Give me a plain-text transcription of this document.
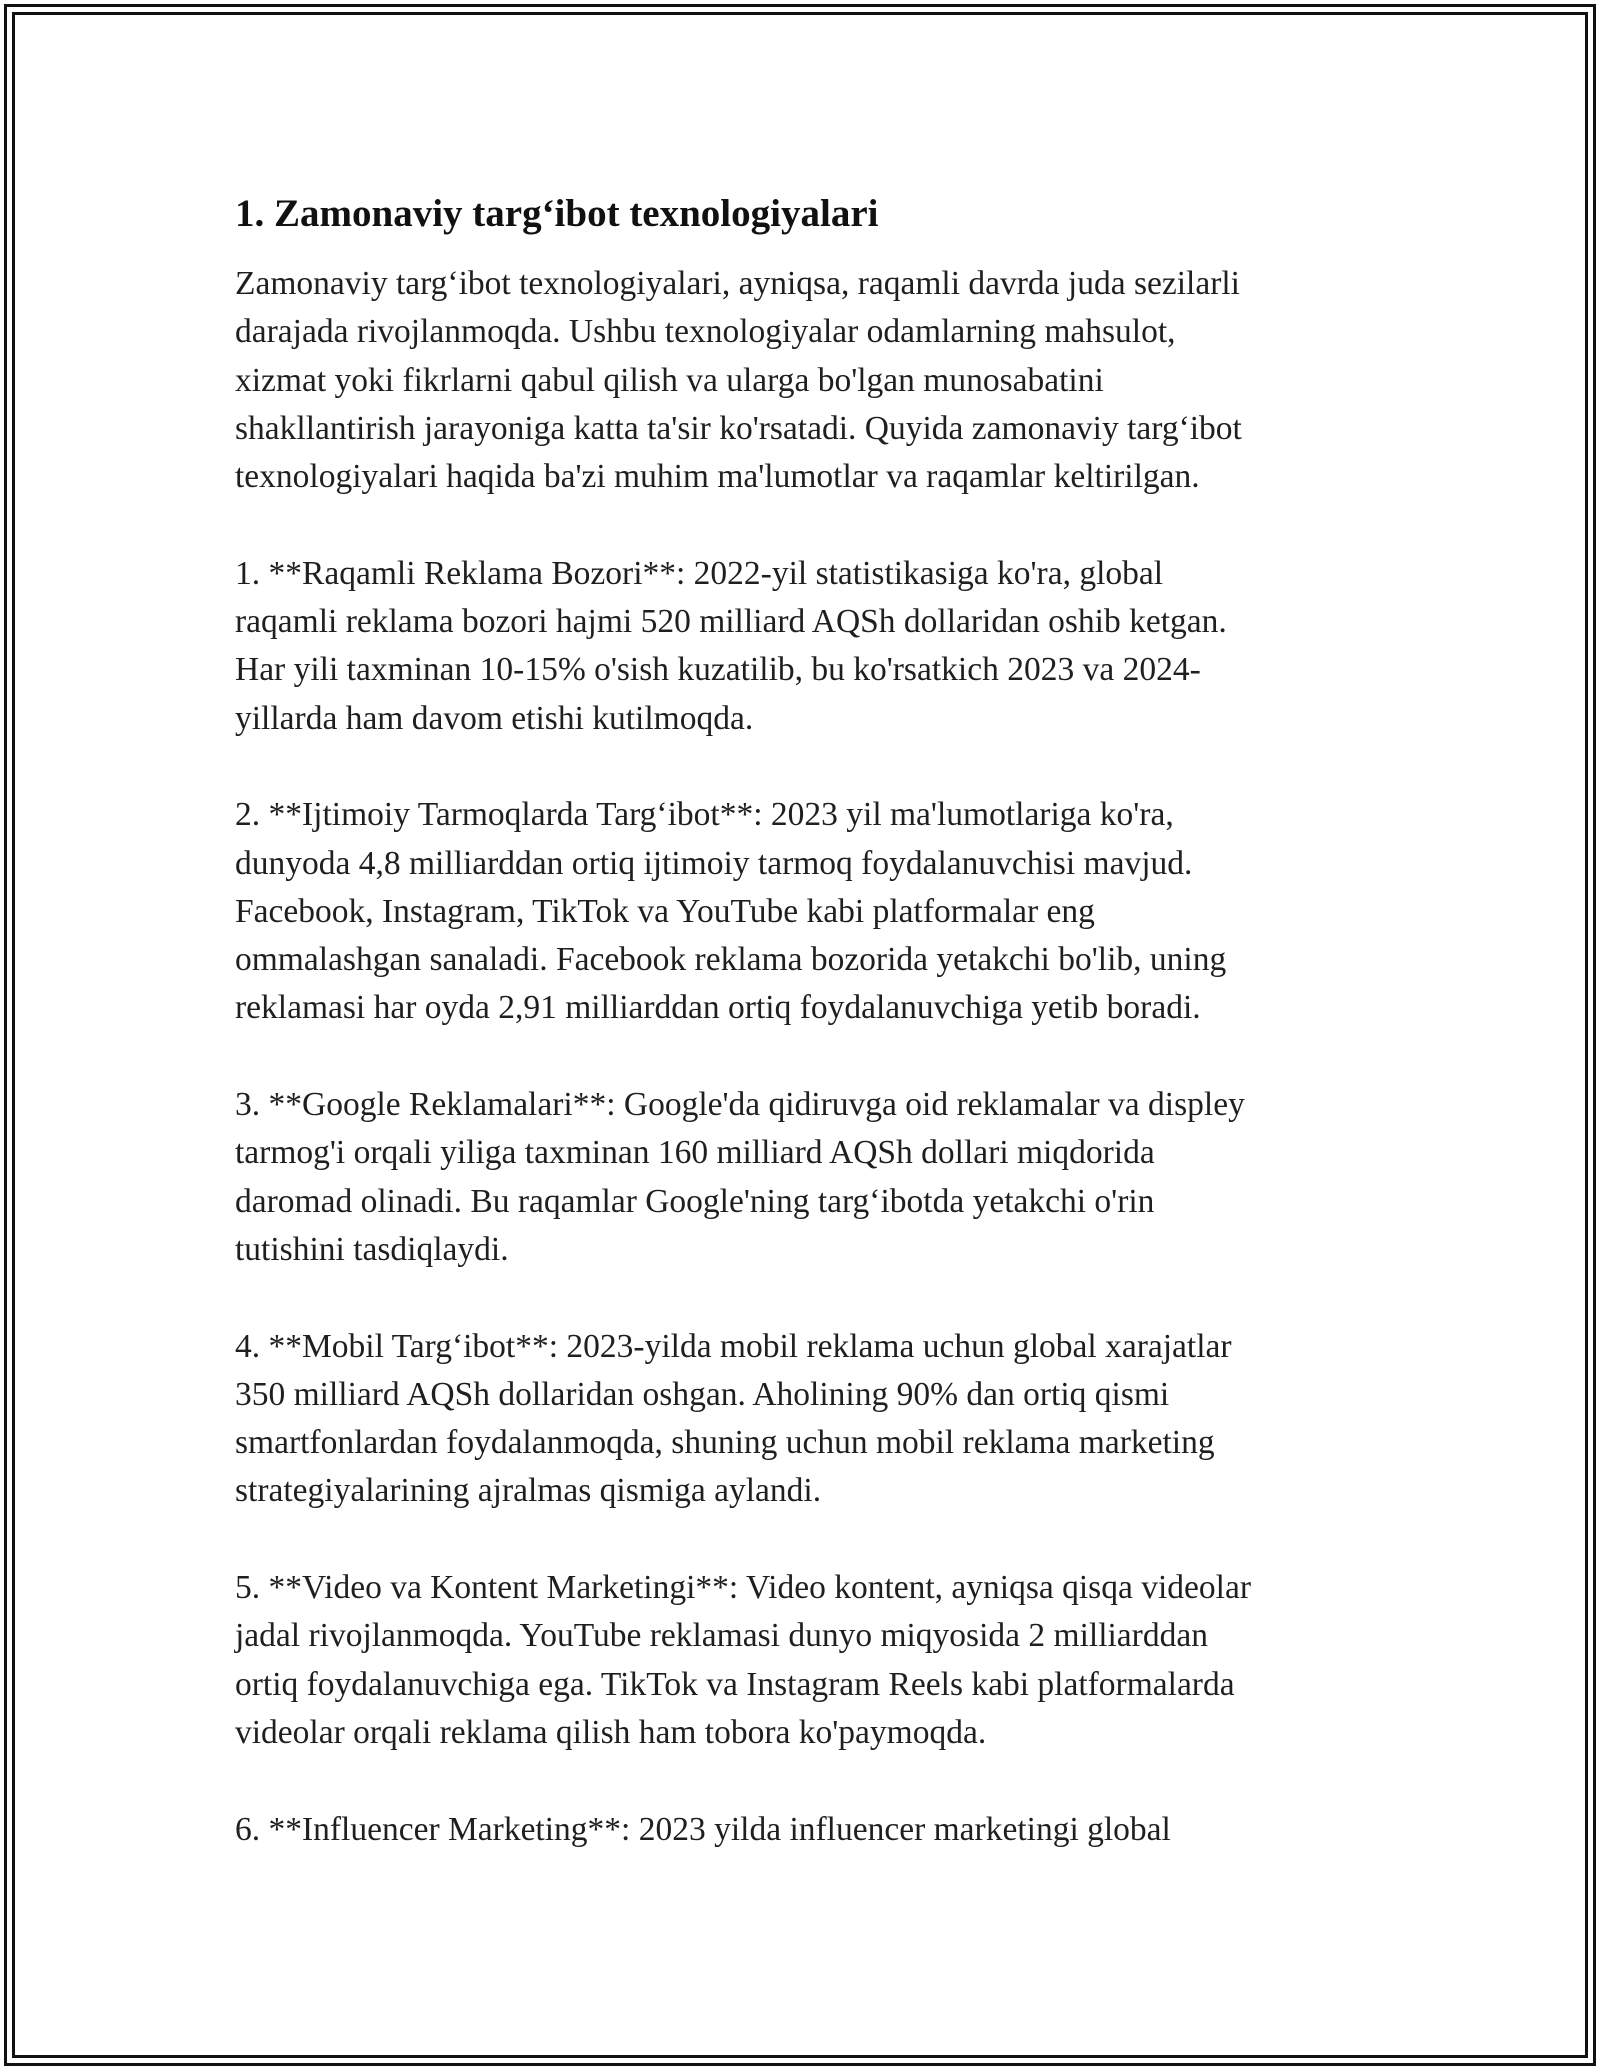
1. Zamonaviy targ‘ibot texnologiyalari

Zamonaviy targ‘ibot texnologiyalari, ayniqsa, raqamli davrda juda sezilarli
darajada rivojlanmoqda. Ushbu texnologiyalar odamlarning mahsulot,
xizmat yoki fikrlarni qabul qilish va ularga bo'lgan munosabatini
shakllantirish jarayoniga katta ta'sir ko'rsatadi. Quyida zamonaviy targ‘ibot
texnologiyalari haqida ba'zi muhim ma'lumotlar va raqamlar keltirilgan.

1. **Raqamli Reklama Bozori**: 2022-yil statistikasiga ko'ra, global
raqamli reklama bozori hajmi 520 milliard AQSh dollaridan oshib ketgan.
Har yili taxminan 10-15% o'sish kuzatilib, bu ko'rsatkich 2023 va 2024-
yillarda ham davom etishi kutilmoqda.

2. **Ijtimoiy Tarmoqlarda Targ‘ibot**: 2023 yil ma'lumotlariga ko'ra,
dunyoda 4,8 milliarddan ortiq ijtimoiy tarmoq foydalanuvchisi mavjud.
Facebook, Instagram, TikTok va YouTube kabi platformalar eng
ommalashgan sanaladi. Facebook reklama bozorida yetakchi bo'lib, uning
reklamasi har oyda 2,91 milliarddan ortiq foydalanuvchiga yetib boradi.

3. **Google Reklamalari**: Google'da qidiruvga oid reklamalar va displey
tarmog'i orqali yiliga taxminan 160 milliard AQSh dollari miqdorida
daromad olinadi. Bu raqamlar Google'ning targ‘ibotda yetakchi o'rin
tutishini tasdiqlaydi.

4. **Mobil Targ‘ibot**: 2023-yilda mobil reklama uchun global xarajatlar
350 milliard AQSh dollaridan oshgan. Aholining 90% dan ortiq qismi
smartfonlardan foydalanmoqda, shuning uchun mobil reklama marketing
strategiyalarining ajralmas qismiga aylandi.

5. **Video va Kontent Marketingi**: Video kontent, ayniqsa qisqa videolar
jadal rivojlanmoqda. YouTube reklamasi dunyo miqyosida 2 milliarddan
ortiq foydalanuvchiga ega. TikTok va Instagram Reels kabi platformalarda
videolar orqali reklama qilish ham tobora ko'paymoqda.

6. **Influencer Marketing**: 2023 yilda influencer marketingi global
